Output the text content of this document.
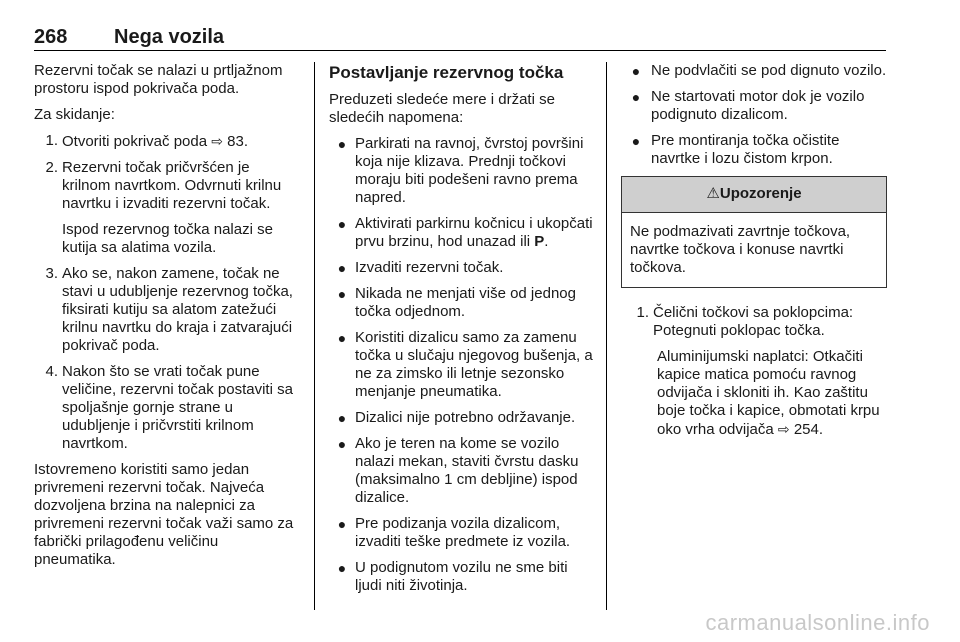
268 Nega vozila

Rezervni točak se nalazi u prtljažnom prostoru ispod pokrivača poda.

Za skidanje:

1. Otvoriti pokrivač poda ⇨ 83.
2. Rezervni točak pričvršćen je krilnom navrtkom. Odvrnuti krilnu navrtku i izvaditi rezervni točak.
Ispod rezervnog točka nalazi se kutija sa alatima vozila.
3. Ako se, nakon zamene, točak ne stavi u udubljenje rezervnog točka, fiksirati kutiju sa alatom zatežući krilnu navrtku do kraja i zatvarajući pokrivač poda.
4. Nakon što se vrati točak pune veličine, rezervni točak postaviti sa spoljašnje gornje strane u udubljenje i pričvrstiti krilnom navrtkom.

Istovremeno koristiti samo jedan privremeni rezervni točak. Najveća dozvoljena brzina na nalepnici za privremeni rezervni točak važi samo za fabrički prilagođenu veličinu pneumatika.

Postavljanje rezervnog točka

Preduzeti sledeće mere i držati se sledećih napomena:

● Parkirati na ravnoj, čvrstoj površini koja nije klizava. Prednji točkovi moraju biti podešeni ravno prema napred.
● Aktivirati parkirnu kočnicu i ukopčati prvu brzinu, hod unazad ili P.
● Izvaditi rezervni točak.
● Nikada ne menjati više od jednog točka odjednom.
● Koristiti dizalicu samo za zamenu točka u slučaju njegovog bušenja, a ne za zimsko ili letnje sezonsko menjanje pneumatika.
● Dizalici nije potrebno održavanje.
● Ako je teren na kome se vozilo nalazi mekan, staviti čvrstu dasku (maksimalno 1 cm debljine) ispod dizalice.
● Pre podizanja vozila dizalicom, izvaditi teške predmete iz vozila.
● U podignutom vozilu ne sme biti ljudi niti životinja.
● Ne podvlačiti se pod dignuto vozilo.
● Ne startovati motor dok je vozilo podignuto dizalicom.
● Pre montiranja točka očistite navrtke i lozu čistom krpon.
⚠Upozorenje
Ne podmazivati zavrtnje točkova, navrtke točkova i konuse navrtki točkova.
1. Čelični točkovi sa poklopcima: Potegnuti poklopac točka.
Aluminijumski naplatci: Otkačiti kapice matica pomoću ravnog odvijača i skloniti ih. Kao zaštitu boje točka i kapice, obmotati krpu oko vrha odvijača ⇨ 254.
carmanualsonline.info
